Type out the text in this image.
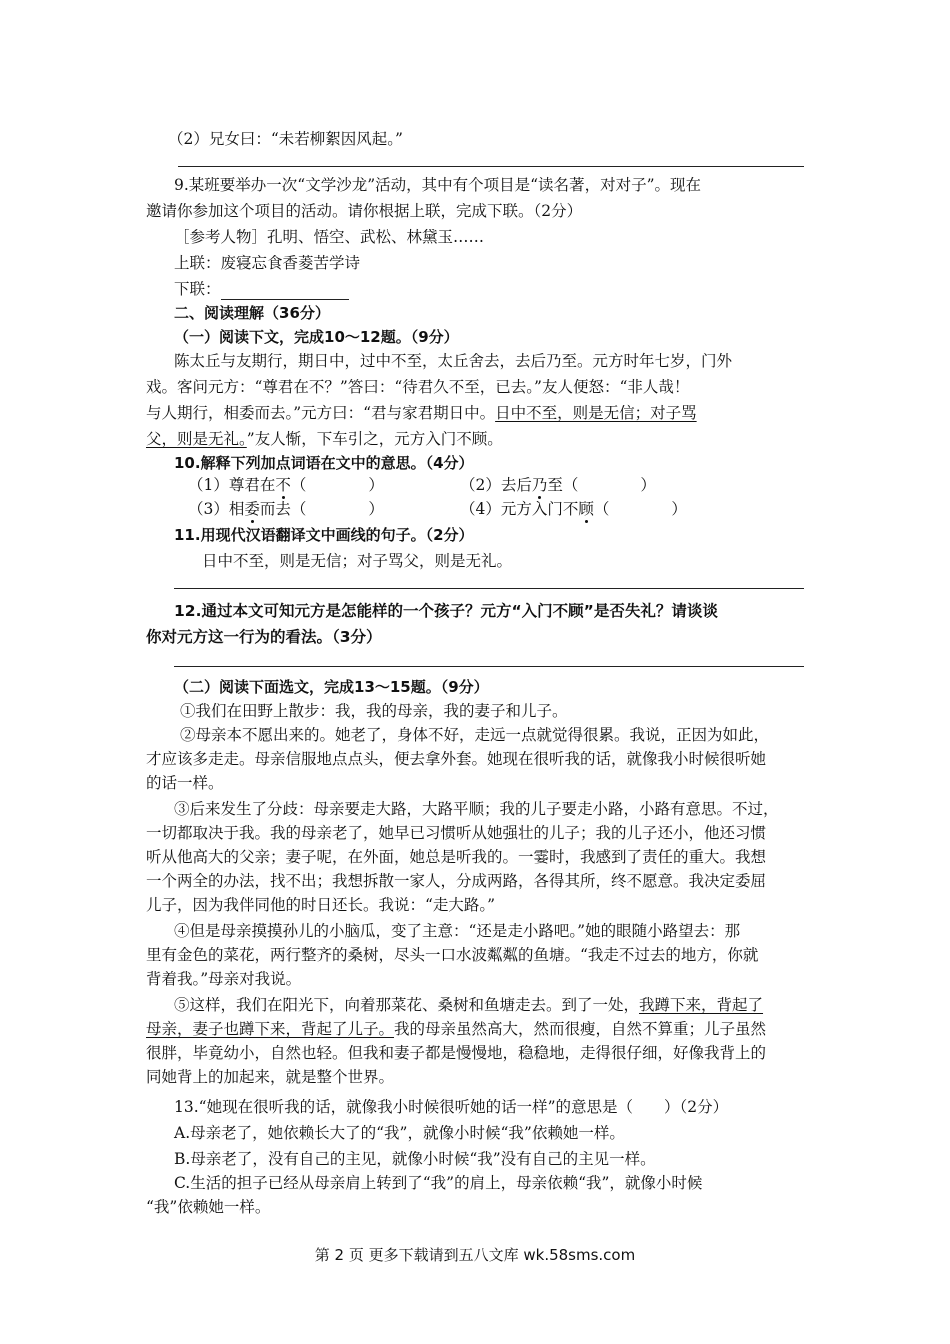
（2）兄女曰：“未若柳絮因风起。”
9.某班要举办一次“文学沙龙”活动，其中有个项目是“读名著，对对子”。现在
邀请你参加这个项目的活动。请你根据上联，完成下联。（2分）
［参考人物］孔明、悟空、武松、林黛玉……
上联：废寝忘食香菱苦学诗
下联：
二、阅读理解（36分）
（一）阅读下文，完成10～12题。（9分）
陈太丘与友期行，期日中，过中不至，太丘舍去，去后乃至。元方时年七岁，门外
戏。客问元方：“尊君在不？”答曰：“待君久不至，已去。”友人便怒：“非人哉！
与人期行，相委而去。”元方曰：“君与家君期日中。日中不至，则是无信；对子骂
父，则是无礼。”友人惭，下车引之，元方入门不顾。
10.解释下列加点词语在文中的意思。（4分）
（1）尊君在不（　　　　）	（2）去后乃至（　　　　）
（3）相委而去（　　　　）	（4）元方入门不顾（　　　　）
11.用现代汉语翻译文中画线的句子。（2分）
日中不至，则是无信；对子骂父，则是无礼。
12.通过本文可知元方是怎能样的一个孩子？元方“入门不顾”是否失礼？请谈谈
你对元方这一行为的看法。（3分）
（二）阅读下面选文，完成13～15题。（9分）
①我们在田野上散步：我，我的母亲，我的妻子和儿子。
②母亲本不愿出来的。她老了，身体不好，走远一点就觉得很累。我说，正因为如此，
才应该多走走。母亲信服地点点头，便去拿外套。她现在很听我的话，就像我小时候很听她
的话一样。
③后来发生了分歧：母亲要走大路，大路平顺；我的儿子要走小路，小路有意思。不过，
一切都取决于我。我的母亲老了，她早已习惯听从她强壮的儿子；我的儿子还小，他还习惯
听从他高大的父亲；妻子呢，在外面，她总是听我的。一霎时，我感到了责任的重大。我想
一个两全的办法，找不出；我想拆散一家人，分成两路，各得其所，终不愿意。我决定委屈
儿子，因为我伴同他的时日还长。我说：“走大路。”
④但是母亲摸摸孙儿的小脑瓜，变了主意：“还是走小路吧。”她的眼随小路望去：那
里有金色的菜花，两行整齐的桑树，尽头一口水波粼粼的鱼塘。“我走不过去的地方，你就
背着我。”母亲对我说。
⑤这样，我们在阳光下，向着那菜花、桑树和鱼塘走去。到了一处，我蹲下来，背起了
母亲，妻子也蹲下来，背起了儿子。我的母亲虽然高大，然而很瘦，自然不算重；儿子虽然
很胖，毕竟幼小，自然也轻。但我和妻子都是慢慢地，稳稳地，走得很仔细，好像我背上的
同她背上的加起来，就是整个世界。
13.“她现在很听我的话，就像我小时候很听她的话一样”的意思是（　　）（2分）
A.母亲老了，她依赖长大了的“我”，就像小时候“我”依赖她一样。
B.母亲老了，没有自己的主见，就像小时候“我”没有自己的主见一样。
C.生活的担子已经从母亲肩上转到了“我”的肩上，母亲依赖“我”，就像小时候
“我”依赖她一样。
第 2 页 更多下载请到五八文库 wk.58sms.com
